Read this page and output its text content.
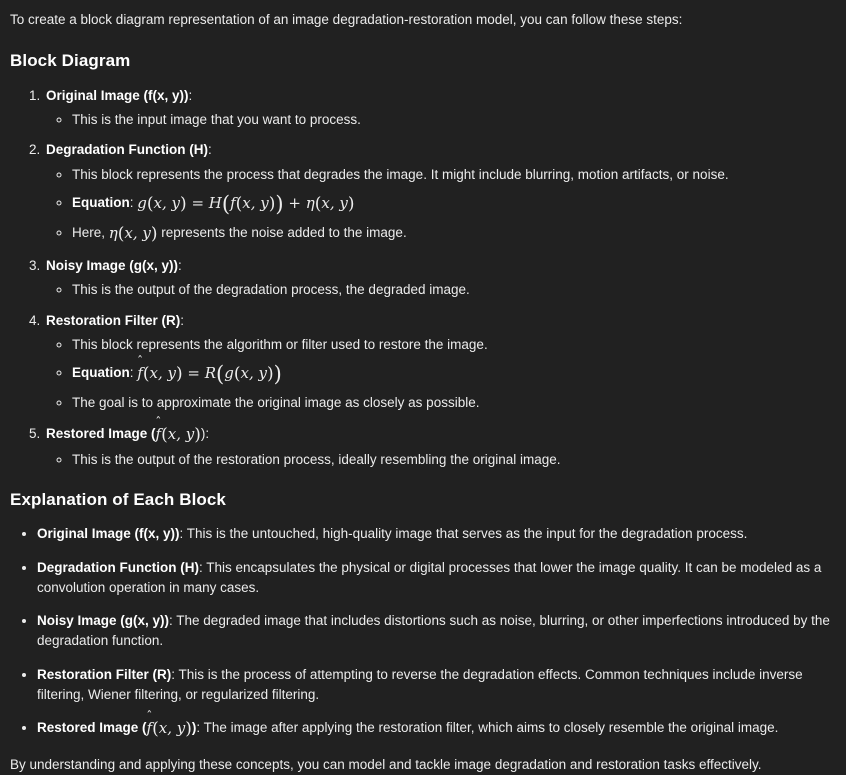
To create a block diagram representation of an image degradation-restoration model, you can follow these steps:

Block Diagram
1. Original Image (f(x, y)):
◦ This is the input image that you want to process.
2. Degradation Function (H):
◦ This block represents the process that degrades the image. It might include blurring, motion artifacts, or noise.
◦ Equation: g(x, y) = H(f(x, y)) + η(x, y)
◦ Here, η(x, y) represents the noise added to the image.
3. Noisy Image (g(x, y)):
◦ This is the output of the degradation process, the degraded image.
4. Restoration Filter (R):
◦ This block represents the algorithm or filter used to restore the image.
◦ Equation: f
ˆ
(x, y) = R(g(x, y))
◦ The goal is to approximate the original image as closely as possible.
5. Restored Image (f
ˆ
(x, y)):
◦ This is the output of the restoration process, ideally resembling the original image.
Explanation of Each Block
• Original Image (f(x, y)): This is the untouched, high-quality image that serves as the input for the degradation process.
• Degradation Function (H): This encapsulates the physical or digital processes that lower the image quality. It can be modeled as a convolution operation in many cases.
• Noisy Image (g(x, y)): The degraded image that includes distortions such as noise, blurring, or other imperfections introduced by the degradation function.
• Restoration Filter (R): This is the process of attempting to reverse the degradation effects. Common techniques include inverse filtering, Wiener filtering, or regularized filtering.
• Restored Image (f
ˆ
(x, y)): The image after applying the restoration filter, which aims to closely resemble the original image.

By understanding and applying these concepts, you can model and tackle image degradation and restoration tasks effectively.
